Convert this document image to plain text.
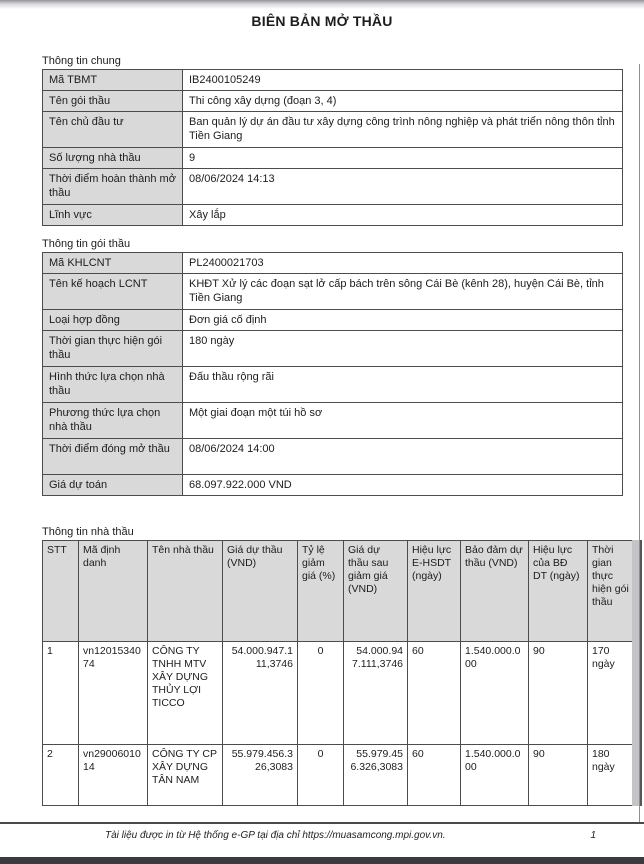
BIÊN BẢN MỞ THẦU
Thông tin chung
Mã TBMT	IB2400105249
Tên gói thầu	Thi công xây dựng (đoạn 3, 4)
Tên chủ đầu tư	Ban quản lý dự án đầu tư xây dựng công trình nông nghiệp và phát triển nông thôn tỉnh Tiền Giang
Số lượng nhà thầu	9
Thời điểm hoàn thành mở thầu	08/06/2024 14:13
Lĩnh vực	Xây lắp
Thông tin gói thầu
Mã KHLCNT	PL2400021703
Tên kế hoạch LCNT	KHĐT Xử lý các đoạn sạt lở cấp bách trên sông Cái Bè (kênh 28), huyện Cái Bè, tỉnh Tiền Giang
Loại hợp đồng	Đơn giá cố định
Thời gian thực hiện gói thầu	180 ngày
Hình thức lựa chọn nhà thầu	Đấu thầu rộng rãi
Phương thức lựa chọn nhà thầu	Một giai đoạn một túi hồ sơ
Thời điểm đóng mở thầu	08/06/2024 14:00
Giá dự toán	68.097.922.000 VND
Thông tin nhà thầu
STT	Mã định danh	Tên nhà thầu	Giá dự thầu (VND)	Tỷ lệ giảm giá (%)	Giá dự thầu sau giảm giá (VND)	Hiệu lực E-HSDT (ngày)	Bảo đảm dự thầu (VND)	Hiệu lực của BĐ DT (ngày)	Thời gian thực hiện gói thầu
1	vn1201534074	CÔNG TY TNHH MTV XÂY DỰNG THỦY LỢI TICCO	54.000.947.111,3746	0	54.000.947.111,3746	60	1.540.000.000	90	170 ngày
2	vn2900601014	CÔNG TY CP XÂY DỰNG TÂN NAM	55.979.456.326,3083	0	55.979.456.326,3083	60	1.540.000.000	90	180 ngày
Tài liệu được in từ Hệ thống e-GP tại địa chỉ https://muasamcong.mpi.gov.vn.	1
